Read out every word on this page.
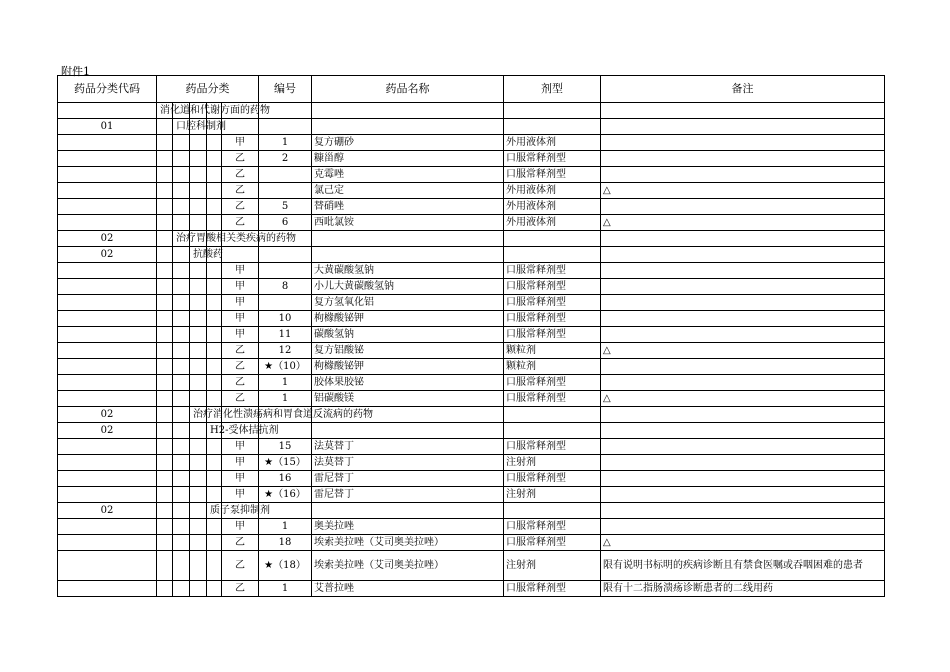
附件1
药品分类代码	药品分类					编号	药品名称	剂型	备注

	消化道和代谢方面的药物								

01		口腔科制剂							

					甲	1	复方硼砂	外用液体剂	
					乙	2	糠甾醇	口服常释剂型	
					乙		克霉唑	口服常释剂型	
					乙		氯己定	外用液体剂	△
					乙	5	替硝唑	外用液体剂	
					乙	6	西吡氯铵	外用液体剂	△
02		治疗胃酸相关类疾病的药物							

02			抗酸药						

					甲		大黄碳酸氢钠	口服常释剂型	
					甲	8	小儿大黄碳酸氢钠	口服常释剂型	
					甲		复方氢氧化铝	口服常释剂型	
					甲	10	枸橼酸铋钾	口服常释剂型	
					甲	11	碳酸氢钠	口服常释剂型	
					乙	12	复方铝酸铋	颗粒剂	△
					乙	★（10）	枸橼酸铋钾	颗粒剂	
					乙	1	胶体果胶铋	口服常释剂型	
					乙	1	铝碳酸镁	口服常释剂型	△
02			治疗消化性溃疡病和胃食道反流病的药物						

02				H2-受体拮抗剂					

					甲	15	法莫替丁	口服常释剂型	
					甲	★（15）	法莫替丁	注射剂	
					甲	16	雷尼替丁	口服常释剂型	
					甲	★（16）	雷尼替丁	注射剂	
02				质子泵抑制剂					

					甲	1	奥美拉唑	口服常释剂型	
					乙	18	埃索美拉唑（艾司奥美拉唑）	口服常释剂型	△
					乙	★（18）	埃索美拉唑（艾司奥美拉唑）	注射剂	限有说明书标明的疾病诊断且有禁食医嘱或吞咽困难的患者
					乙	1	艾普拉唑	口服常释剂型	限有十二指肠溃疡诊断患者的二线用药
